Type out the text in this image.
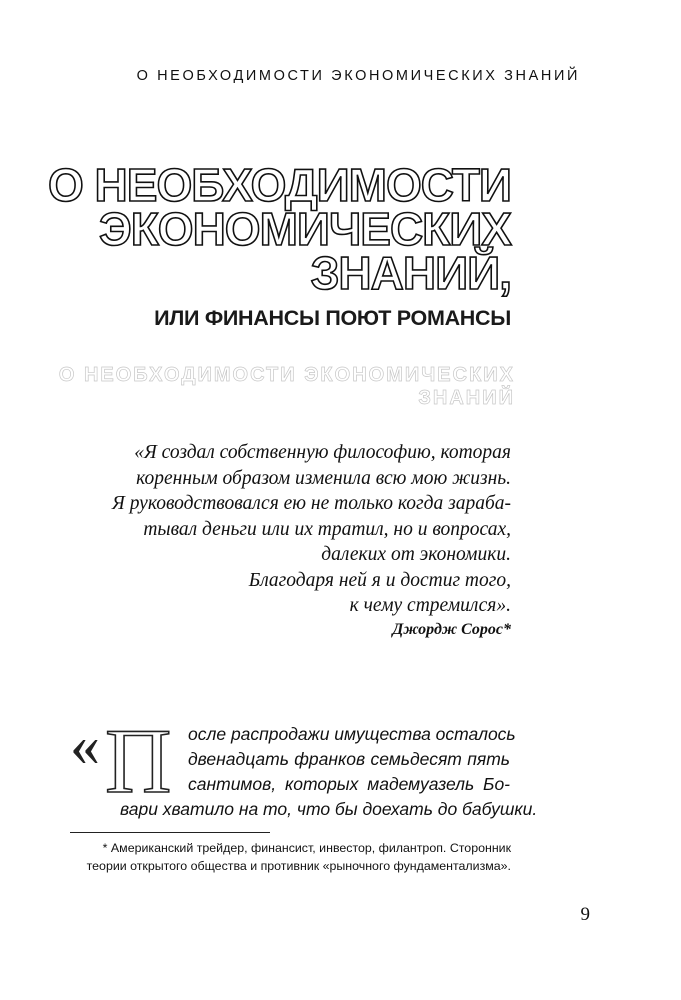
О НЕОБХОДИМОСТИ ЭКОНОМИЧЕСКИХ ЗНАНИЙ
О НЕОБХОДИМОСТИ
ЭКОНОМИЧЕСКИХ
ЗНАНИЙ,
ИЛИ ФИНАНСЫ ПОЮТ РОМАНСЫ
О НЕОБХОДИМОСТИ ЭКОНОМИЧЕСКИХ
ЗНАНИЙ
«Я создал собственную философию, которая
коренным образом изменила всю мою жизнь.
Я руководствовался ею не только когда зараба-
тывал деньги или их тратил, но и вопросах,
далеких от экономики.
Благодаря ней я и достиг того,
к чему стремился».
Джордж Сорос*
« П осле распродажи имущества осталось
двенадцать франков семьдесят пять
сантимов, которых мадемуазель Бо-
вари хватило на то, что бы доехать до бабушки.
* Американский трейдер, финансист, инвестор, филантроп. Сторонник
теории открытого общества и противник «рыночного фундаментализма».
9
